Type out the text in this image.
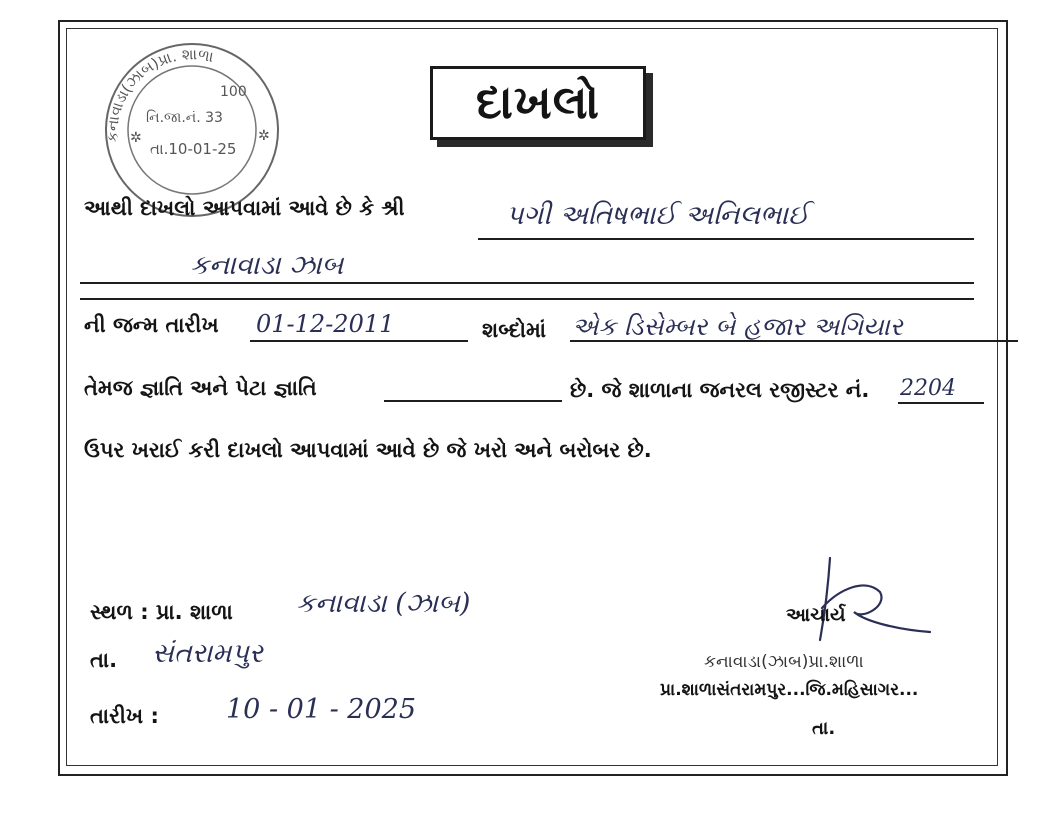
કનાવાડા(ઝાબ)પ્રા. શાળા
100
નિ.જા.નં. 33
તા.10-01-25
✲	✲
દાખલો
આથી દાખલો આપવામાં આવે છે કે શ્રી	પગી અતિષભાઈ અનિલભાઈ
કનાવાડા ઝાબ
ની જન્મ તારીખ 01-12-2011	શબ્દોમાં એક ડિસેમ્બર બે હજાર અગિયાર
તેમજ જ્ઞાતિ અને પેટા જ્ઞાતિ	છે. જે શાળાના જનરલ રજીસ્ટર નં. 2204
ઉપર ખરાઈ કરી દાખલો આપવામાં આવે છે જે ખરો અને બરોબર છે.
સ્થળ : પ્રા. શાળા કનાવાડા (ઝાબ)
તા. સંતરામપુર
તારીખ : 10 - 01 - 2025
આચાર્ય
કનાવાડા(ઝાબ)પ્રા.શાળા
પ્રા.શાળાસંતરામપુર...જિ.મહિસાગર...
તા.
